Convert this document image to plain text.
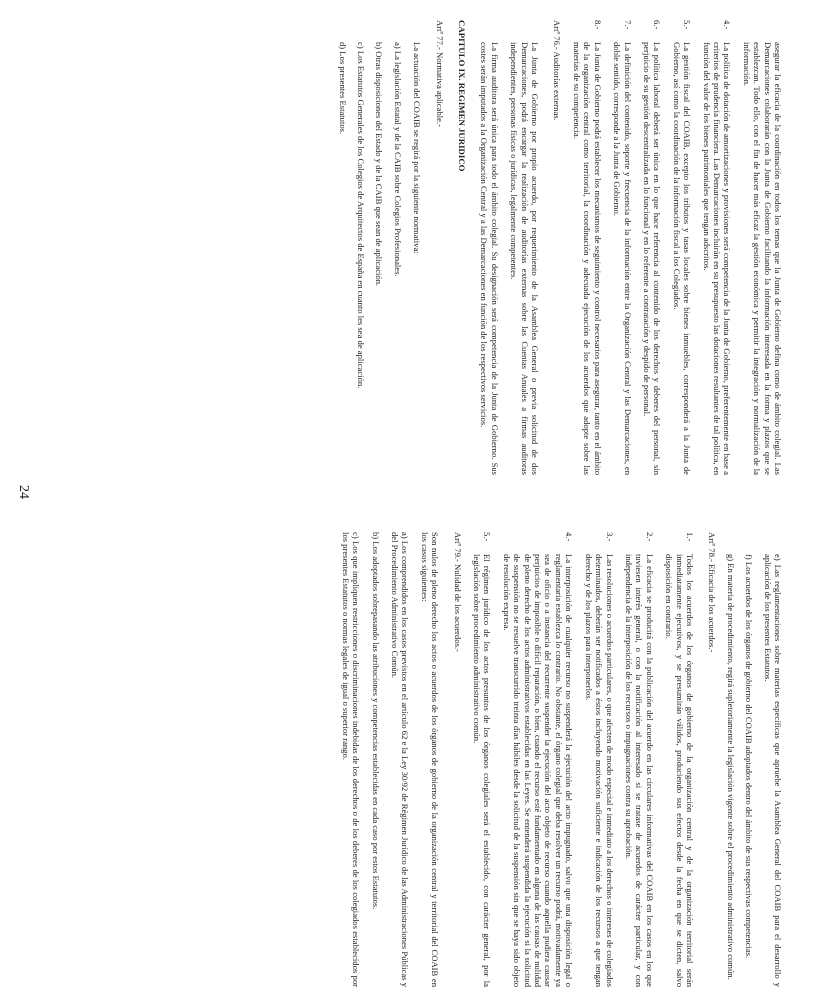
asegurar la eficacia de la coordinación en todos los temas que la Junta de Gobierno defina como de ámbito colegial. Las Demarcaciones colaborarán con la Junta de Gobierno facilitando la información interesada en la forma y plazos que se establezcan. Todo ello, con el fin de hacer más eficaz la gestión económica y permitir la integración y normalización de la información.
4.-
La política de dotación de amortizaciones y provisiones será competencia de la Junta de Gobierno, preferentemente en base a criterios de prudencia financiera. Las Demarcaciones incluirán en su presupuesto las dotaciones resultantes de tal política, en función del valor de los bienes patrimoniales que tengan adscritos.
5.-
La gestión fiscal del COAIB, excepto los tributos y tasas locales sobre bienes inmuebles, corresponderá a la Junta de Gobierno, así como la coordinación de la información fiscal a los Colegiados.
6.-
La política laboral deberá ser única en lo que hace referencia al contenido de los derechos y deberes del personal, sin perjuicio de su gestión descentralizada en lo funcional y en lo referente a contratación y despido de personal.
7.-
La definición del contenido, soporte y frecuencia de la información entre la Organización Central y las Demarcaciones, en doble sentido, corresponde a la Junta de Gobierno.
8.-
La Junta de Gobierno podrá establecer los mecanismos de seguimiento y control necesarios para asegurar, tanto en el ámbito de la organización central como territorial, la coordinación y adecuada ejecución de los acuerdos que adopte sobre las materias de su competencia.
Artº 76.- Auditorías externas.
La Junta de Gobierno por propio acuerdo, por requerimiento de la Asamblea General o previa solicitud de dos Demarcaciones, podrá encargar la realización de auditorías externas sobre las Cuentas Anuales a firmas auditoras independientes, personas físicas o jurídicas, legalmente competentes.
La firma auditora será única para todo el ámbito colegial. Su designación será competencia de la Junta de Gobierno. Sus costes serán imputados a la Organización Central y a las Demarcaciones en función de los respectivos servicios.
CAPITULO IX. REGIMEN JURIDICO
Artº 77.- Normativa aplicable.-
La actuación del COAIB se regirá por la siguiente normativa:
a) La legislación Estatal y de la CAIB sobre Colegios Profesionales.
b) Otras disposiciones del Estado y de la CAIB que sean de aplicación.
c) Los Estatutos Generales de los Colegios de Arquitectos de España en cuanto les sea de aplicación.
d) Los presentes Estatutos.
e) Las reglamentaciones sobre materias específicas que apruebe la Asamblea General del COAIB para el desarrollo y aplicación de los presentes Estatutos.
f) Los acuerdos de los órganos de gobierno del COAIB adoptados dentro del ámbito de sus respectivas competencias.
g) En materia de procedimiento, regirá supletoriamente la legislación vigente sobre el procedimiento administrativo común.
Artº 78.- Eficacia de los acuerdos.-
1.-
Todos los acuerdos de los órganos de gobierno de la organización central y de la organización territorial serán inmediatamente ejecutivos, y se presumirán válidos, produciendo sus efectos desde la fecha en que se dicten, salvo disposición en contrario.
2.-
La eficacia se producirá con la publicación del acuerdo en las circulares informativas del COAIB en los casos en los que tuviesen interés general, o con la notificación al interesado si se tratase de acuerdos de carácter particular, y con independencia de la interposición de los recursos o impugnaciones contra su aprobación.
3.-
Las resoluciones o acuerdos particulares, o que afecten de modo especial e inmediato a los derechos o intereses de colegiados determinados, deberán ser notificados a éstos incluyendo motivación suficiente e indicación de los recursos a que tengan derecho y de los plazos para interponerlos.
4.-
La interposición de cualquier recurso no suspenderá la ejecución del acto impugnado, salvo que una disposición legal o reglamentaria establezca lo contrario. No obstante, el órgano colegial que deba resolver un recurso podrá, motivadamente ya sea de oficio o a instancia del recurrente suspender la ejecución del acto objeto de recurso cuando aquella pudiera causar perjuicios de imposible o difícil reparación, o bien, cuando el recurso esté fundamentado en alguna de las causas de nulidad de pleno derecho de los actos administrativos establecidas en las Leyes. Se entenderá suspendida la ejecución si la solicitud de suspensión no se resuelve transcurrido treinta días hábiles desde la solicitud de la suspensión sin que se haya sido objeto de resolución expresa.
5.-
El régimen jurídico de los actos presuntos de los órganos colegiales será el establecido, con carácter general, por la legislación sobre procedimiento administrativo común.
Artº 79.- Nulidad de los acuerdos.-
Son nulos de pleno derecho los actos o acuerdos de los órganos de gobierno de la organización central y territorial del COAIB en los casos siguientes:
a) Los comprendidos en los casos previstos en el artículo 62 e la Ley 30/92 de Régimen Jurídico de las Administraciones Públicas y del Procedimiento Administrativo Común.
b) Los adoptados sobrepasando las atribuciones y competencias establecidas en cada caso por estos Estatutos.
c) Los que impliquen restricciones o discriminaciones indebidas de los derechos o de los deberes de los colegiados establecidos por los presentes Estatutos o normas legales de igual o superior rango.
24
